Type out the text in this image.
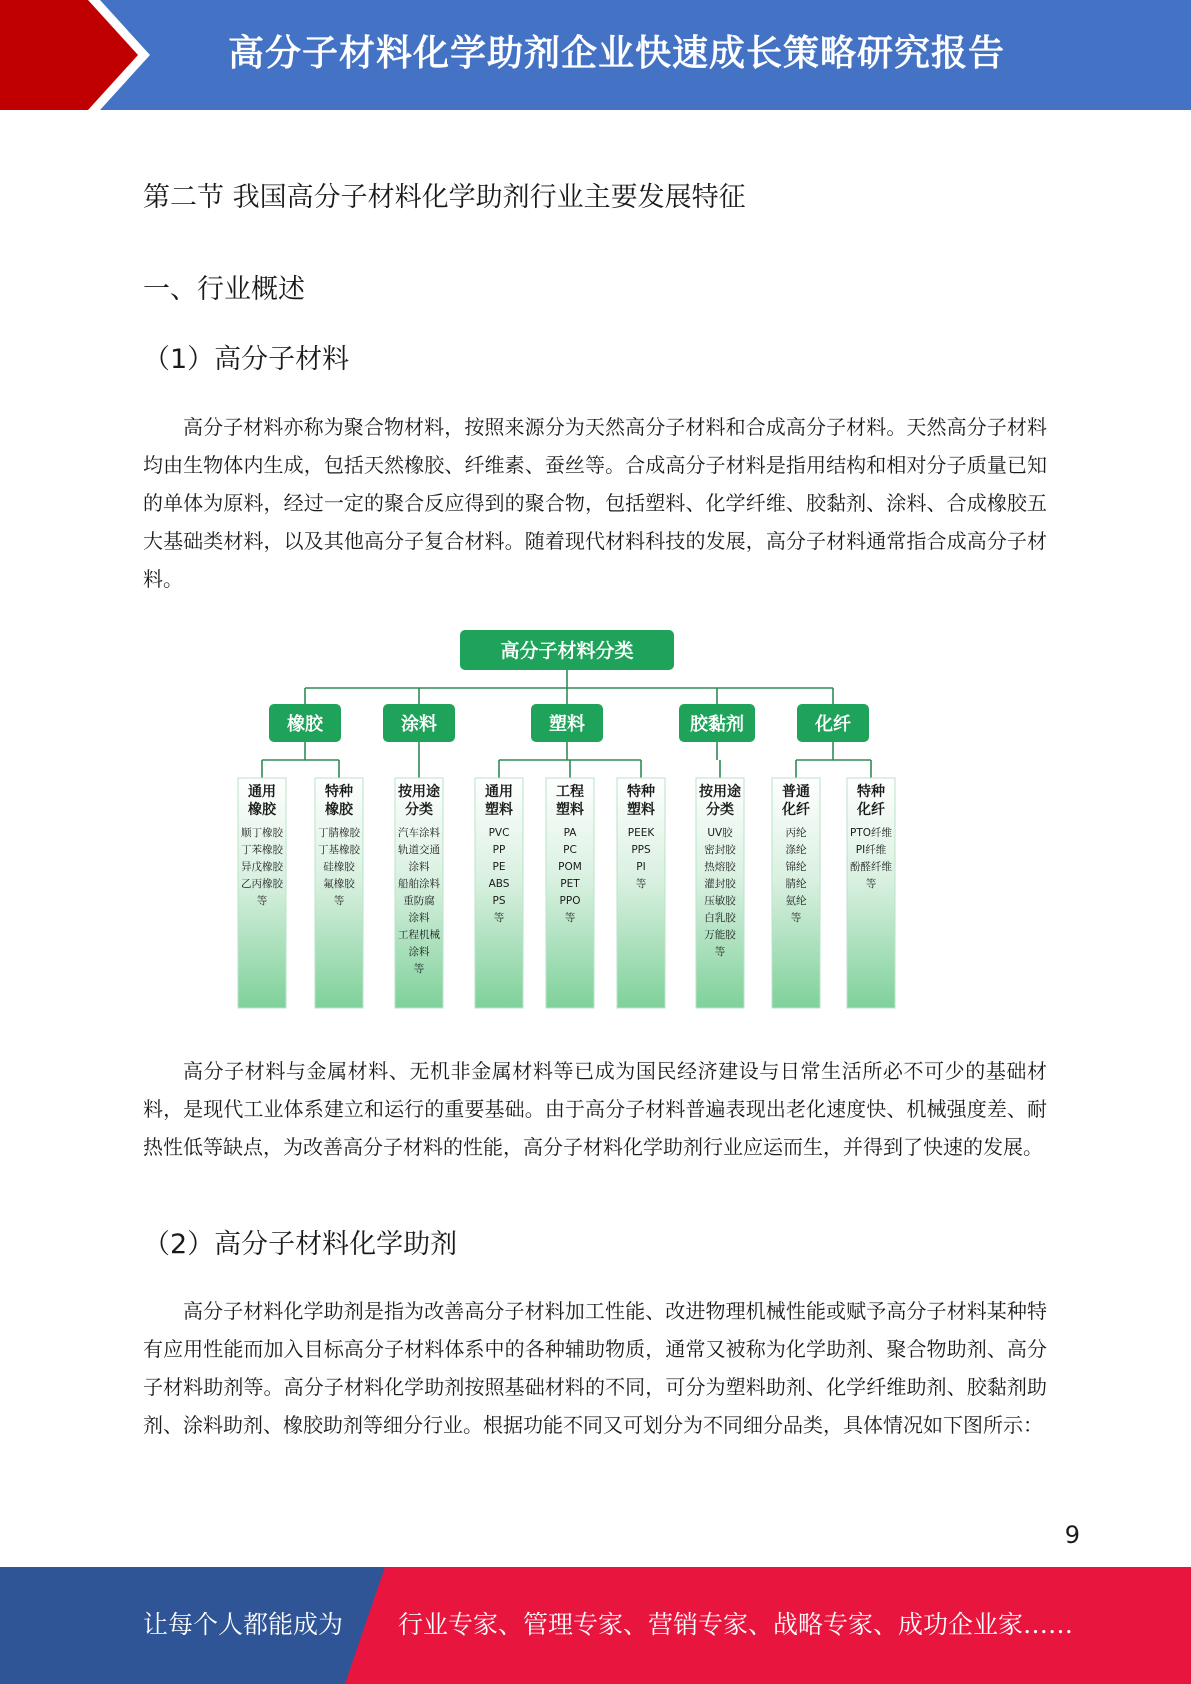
高分子材料化学助剂企业快速成长策略研究报告
第二节 我国高分子材料化学助剂行业主要发展特征
一、行业概述
（1）高分子材料

高分子材料亦称为聚合物材料，按照来源分为天然高分子材料和合成高分子材料。天然高分子材料均由生物体内生成，包括天然橡胶、纤维素、蚕丝等。合成高分子材料是指用结构和相对分子质量已知的单体为原料，经过一定的聚合反应得到的聚合物，包括塑料、化学纤维、胶黏剂、涂料、合成橡胶五大基础类材料，以及其他高分子复合材料。随着现代材料科技的发展，高分子材料通常指合成高分子材料。

高分子材料分类
橡胶
通用
橡胶
顺丁橡胶
丁苯橡胶
异戊橡胶
乙丙橡胶
等
特种
橡胶
丁腈橡胶
丁基橡胶
硅橡胶
氟橡胶
等
涂料
按用途
分类
汽车涂料
轨道交通
涂料
船舶涂料
重防腐
涂料
工程机械
涂料
等
塑料
通用
塑料
PVC
PP
PE
ABS
PS
等
工程
塑料
PA
PC
POM
PET
PPO
等
特种
塑料
PEEK
PPS
PI
等
胶黏剂
按用途
分类
UV胶
密封胶
热熔胶
灌封胶
压敏胶
白乳胶
万能胶
等
化纤
普通
化纤
丙纶
涤纶
锦纶
腈纶
氨纶
等
特种
化纤
PTO纤维
PI纤维
酚醛纤维
等

高分子材料与金属材料、无机非金属材料等已成为国民经济建设与日常生活所必不可少的基础材料，是现代工业体系建立和运行的重要基础。由于高分子材料普遍表现出老化速度快、机械强度差、耐热性低等缺点，为改善高分子材料的性能，高分子材料化学助剂行业应运而生，并得到了快速的发展。

（2）高分子材料化学助剂

高分子材料化学助剂是指为改善高分子材料加工性能、改进物理机械性能或赋予高分子材料某种特有应用性能而加入目标高分子材料体系中的各种辅助物质，通常又被称为化学助剂、聚合物助剂、高分子材料助剂等。高分子材料化学助剂按照基础材料的不同，可分为塑料助剂、化学纤维助剂、胶黏剂助剂、涂料助剂、橡胶助剂等细分行业。根据功能不同又可划分为不同细分品类，具体情况如下图所示：

9
让每个人都能成为 行业专家、管理专家、营销专家、战略专家、成功企业家……
